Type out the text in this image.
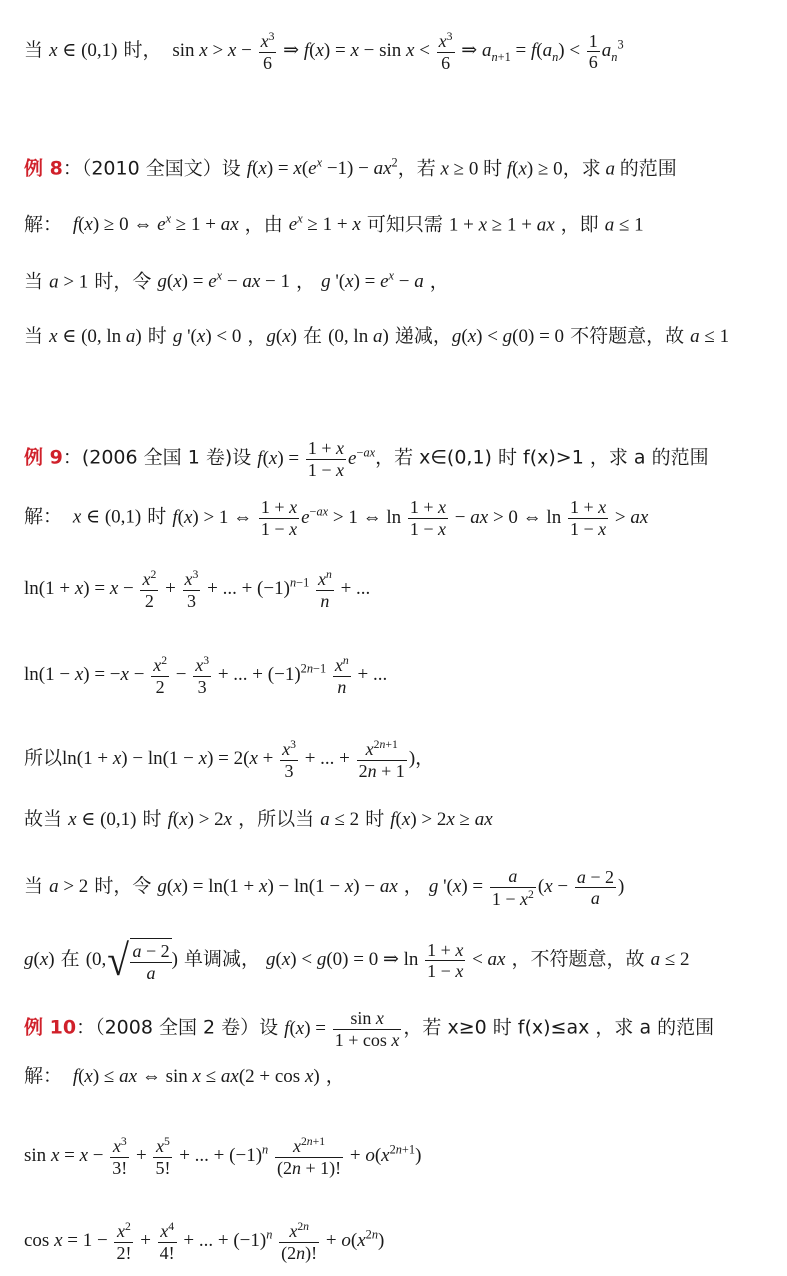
当 x ∈ (0,1) 时，  $\sin x > x - \frac{x^3}{6}$ ⇒ $f(x) = x - \sin x < \frac{x^3}{6}$ ⇒ $a_{n+1} = f(a_n) < \frac{1}{6} a_n^3$
例 8：（2010 全国文）设 $f(x) = x(e^x -1) - ax^2$，若 x ≥ 0 时 f(x) ≥ 0，求 a 的范围
解： f(x) ≥ 0 ⇔ $e^x \ge 1$ + ax ，由 $e^x \ge 1 + x$ 可知只需 1 + x ≥ 1 + ax ，即 a ≤ 1
当 a > 1 时，令 $g(x) = e^x$ − ax − 1 ， g '$(x) = e^x - a$ ，
当 x ∈ (0, ln a) 时 g '(x) < 0 ，g(x) 在 (0, ln a) 递减，g(x) < g(0) = 0 不符题意，故 a ≤ 1
例 9：(2006 全国 1 卷)设 $f(x) = \frac{1 + x}{1 - x} e^{-ax}$，若 x∈(0,1) 时 f(x)>1 ，求 a 的范围
解： x ∈ (0,1) 时 f(x) > 1 ⇔ $\frac{1 + x}{1 - x} e^{-ax} > 1$ ⇔ $\ln \frac{1 + x}{1 - x}$ − ax > 0 ⇔ $\ln \frac{1 + x}{1 - x}$ > ax
$\ln(1 + x) = x - \frac{x^2}{2} + \frac{x^3}{3}$ + ... + $(-1)^{n-1} \frac{x^n}{n}$ + ...
$\ln(1 - x) = -x - \frac{x^2}{2} - \frac{x^3}{3}$ + ... + $(-1)^{2n-1} \frac{x^n}{n}$ + ...
所以$\ln(1 + x) - \ln(1 - x) = 2(x + \frac{x^3}{3}$ + ... + $\frac{x^{2n+1}}{2n + 1}$ )，
故当 x ∈ (0,1) 时 f(x) > 2x ，所以当 a ≤ 2 时 f(x) > 2x ≥ ax
当 a > 2 时，令 g(x) = ln(1 + x) − ln(1 − x) − ax ， g '$(x) = \frac{a}{1 - x^2} (x - \frac{a - 2}{a}$ )
g(x) 在 ($0,√ \frac{a - 2}{a}$ ) 单调减， g(x) < g(0) = 0 ⇒ $\ln \frac{1 + x}{1 - x}$ < ax ，不符题意，故 a ≤ 2
例 10：（2008 全国 2 卷）设 $f(x) = \frac{\text{sin x}}{\text{1 + cos x}}$ ，若 x≥0 时 f(x)≤ax ，求 a 的范围
解： f(x) ≤ ax ⇔ sin x ≤ ax(2 + cos x) ，
$\sin x = x - \frac{x^3}{3!} + \frac{x^5}{5!}$ + ... + $(-1)^n \frac{x^{2n+1}}{(2n + 1)!} + o(x^{2n+1})$
$\cos x = 1 - \frac{x^2}{2!} + \frac{x^4}{4!}$ + ... + $(-1)^n \frac{x^{2n}}{(2n)!} + o(x^{2n})$
